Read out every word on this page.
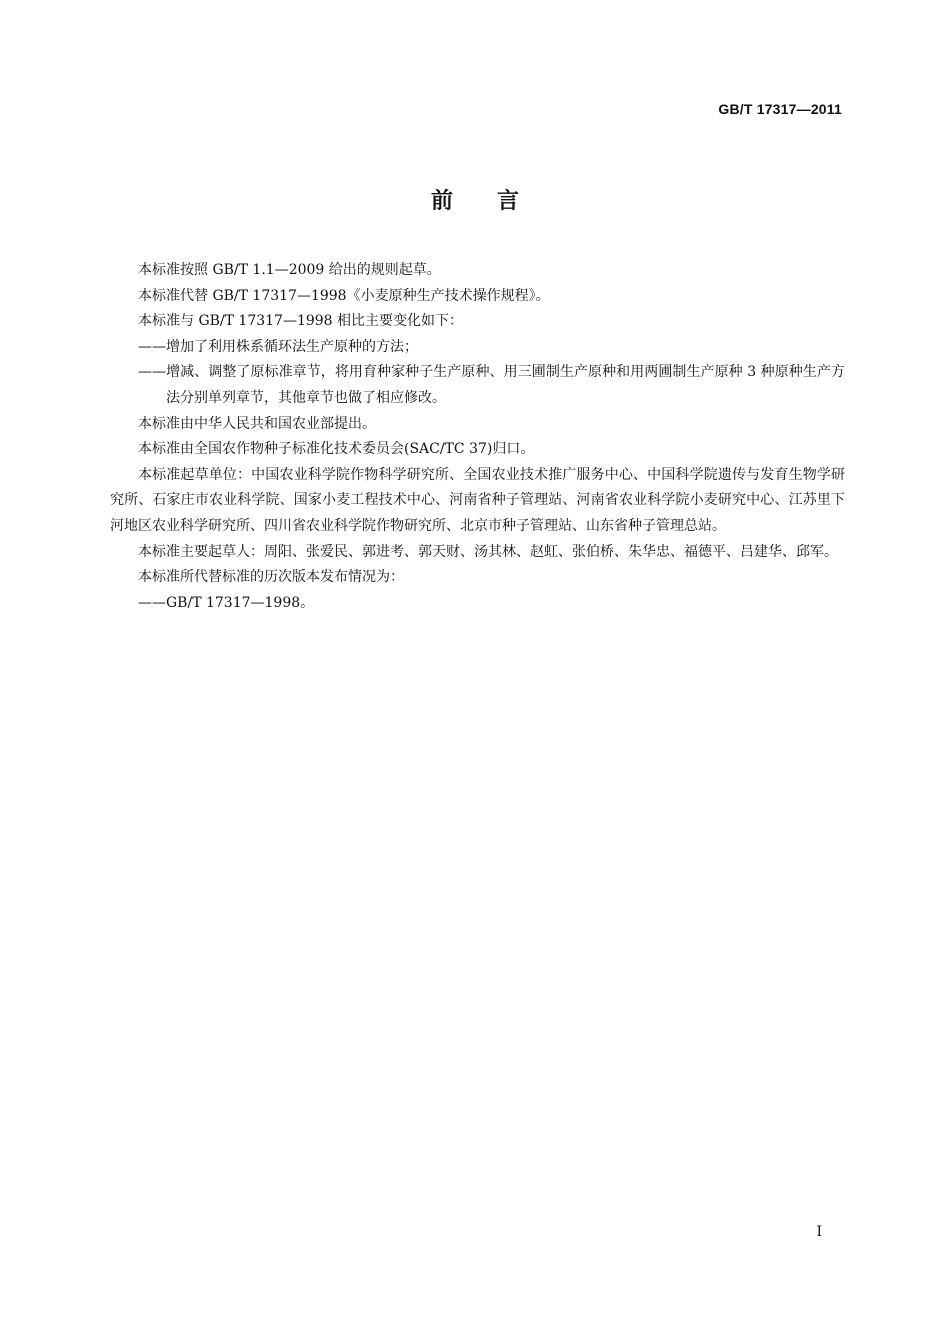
GB/T 17317—2011
前　　言

本标准按照 GB/T 1.1—2009 给出的规则起草。

本标准代替 GB/T 17317—1998《小麦原种生产技术操作规程》。

本标准与 GB/T 17317—1998 相比主要变化如下：

——增加了利用株系循环法生产原种的方法；

——增减、调整了原标准章节，将用育种家种子生产原种、用三圃制生产原种和用两圃制生产原种 3 种原种生产方法分别单列章节，其他章节也做了相应修改。

本标准由中华人民共和国农业部提出。

本标准由全国农作物种子标准化技术委员会(SAC/TC 37)归口。

本标准起草单位：中国农业科学院作物科学研究所、全国农业技术推广服务中心、中国科学院遗传与发育生物学研究所、石家庄市农业科学院、国家小麦工程技术中心、河南省种子管理站、河南省农业科学院小麦研究中心、江苏里下河地区农业科学研究所、四川省农业科学院作物研究所、北京市种子管理站、山东省种子管理总站。

本标准主要起草人：周阳、张爱民、郭进考、郭天财、汤其林、赵虹、张伯桥、朱华忠、福德平、吕建华、邱军。

本标准所代替标准的历次版本发布情况为：

——GB/T 17317—1998。

I
